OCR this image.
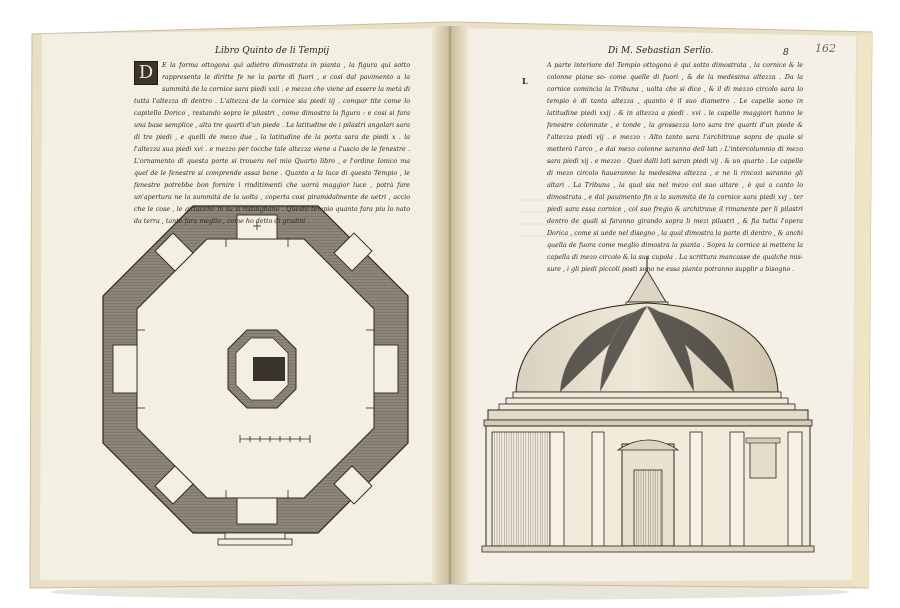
Libro Quinto de li Tempij
D	E la forma ottogona qui adietro dimostrata in pianta , la figura qui sotto rappresenta le diritte fe ne la parte di fuori , e cosi dal pavimento a la summità de la cornice sara piedi xxii . e mezzo che viene ad essere la metà di tutta l'altezza di dentro . L'altezza de la cornice sia piedi iij . compar tite come lo capitello Dorico , restando sopra le pilastri , come dimostra la figura : e cosi si fara una base semplice , alta tre quarti d'un piede . La latitudine de i pilastri angolari sara di tre piedi , e quelli de mezo due , la latitudine de la porta sara de piedi x . la l'altezza sua piedi xvi . e mezzo per tocche tale altezza viene a l'uscio de le fenestre . L'ornamento di questa porte si trouera nel mio Quarto libro , e l'ordine Ionico ma quel de le fenestre si comprende assai bene . Quanto a la luce di questo Tempio , le fenestre potrebbe bon fornire i rinditimenti che uorrà maggior luce , potrà fare un'apertura ne la summità de la uolta , coperta cosi piramidalmente de uetri , accio che le cose , le gittaceno in su si ristinghano . Questo tempio quanto fara piu lo nato da terra , tanto fara meglio , come ho detto di gradini .

Di M. Sebastian Serlio.	8 162
L

A parte interiore del Tempio ottogono è qui sotto dimostrata , la cornice & le colonne piane so- come quelle di fuori , & de la medesima altezza . Da la cornice comincia la Tribuna , uolta che si dice , & il di mezzo circolo sara lo tempio è di tanta altezza , quanto è il suo diametro . Le capelle sono in latitudine piedi xxij . & in altezza a piedi . xvi . le capelle maggiori hanno le fenestre colonnate , e tonde , la grossezza loro sara tre quarti d'un piede & l'altezza piedi vij . e mezzo : Alto tanto sara l'architraue sopra de quale si metterà l'arco , e dai mezo colonne saranno dell lati : L'intercolumnio di mezo sara piedi xij . e mezzo . Quei dalli lati saran piedi vij . & un quarto . Le capelle di mezo circolo haueranno la medesima altezza , e ne li rincozi saranno gli altari . La Tribuna , la qual sia nel mezo col suo altare , è qui a canto lo dimostrata , e dal pauimento fin a la summità de la cornice sara piedi xvj . ter piedi sara essa cornice , col suo fregio & architraue il rimanente per li pilastri dentro de quali si faranno girando sopra li mezi pilastri , & fia tutta l'opera Dorica , come si uede nel disegno , la qual dimostra la parte di dentro , & anchi quella de fuora come meglio dimostra la pianta . Sopra la cornice si mettera la capella di mezo circolo & la sua cupola . La scrittura mancasse de qualche mis- sure , i gli piedi piccoli posti sono ne essa pianta potranno supplir a bisogno .
